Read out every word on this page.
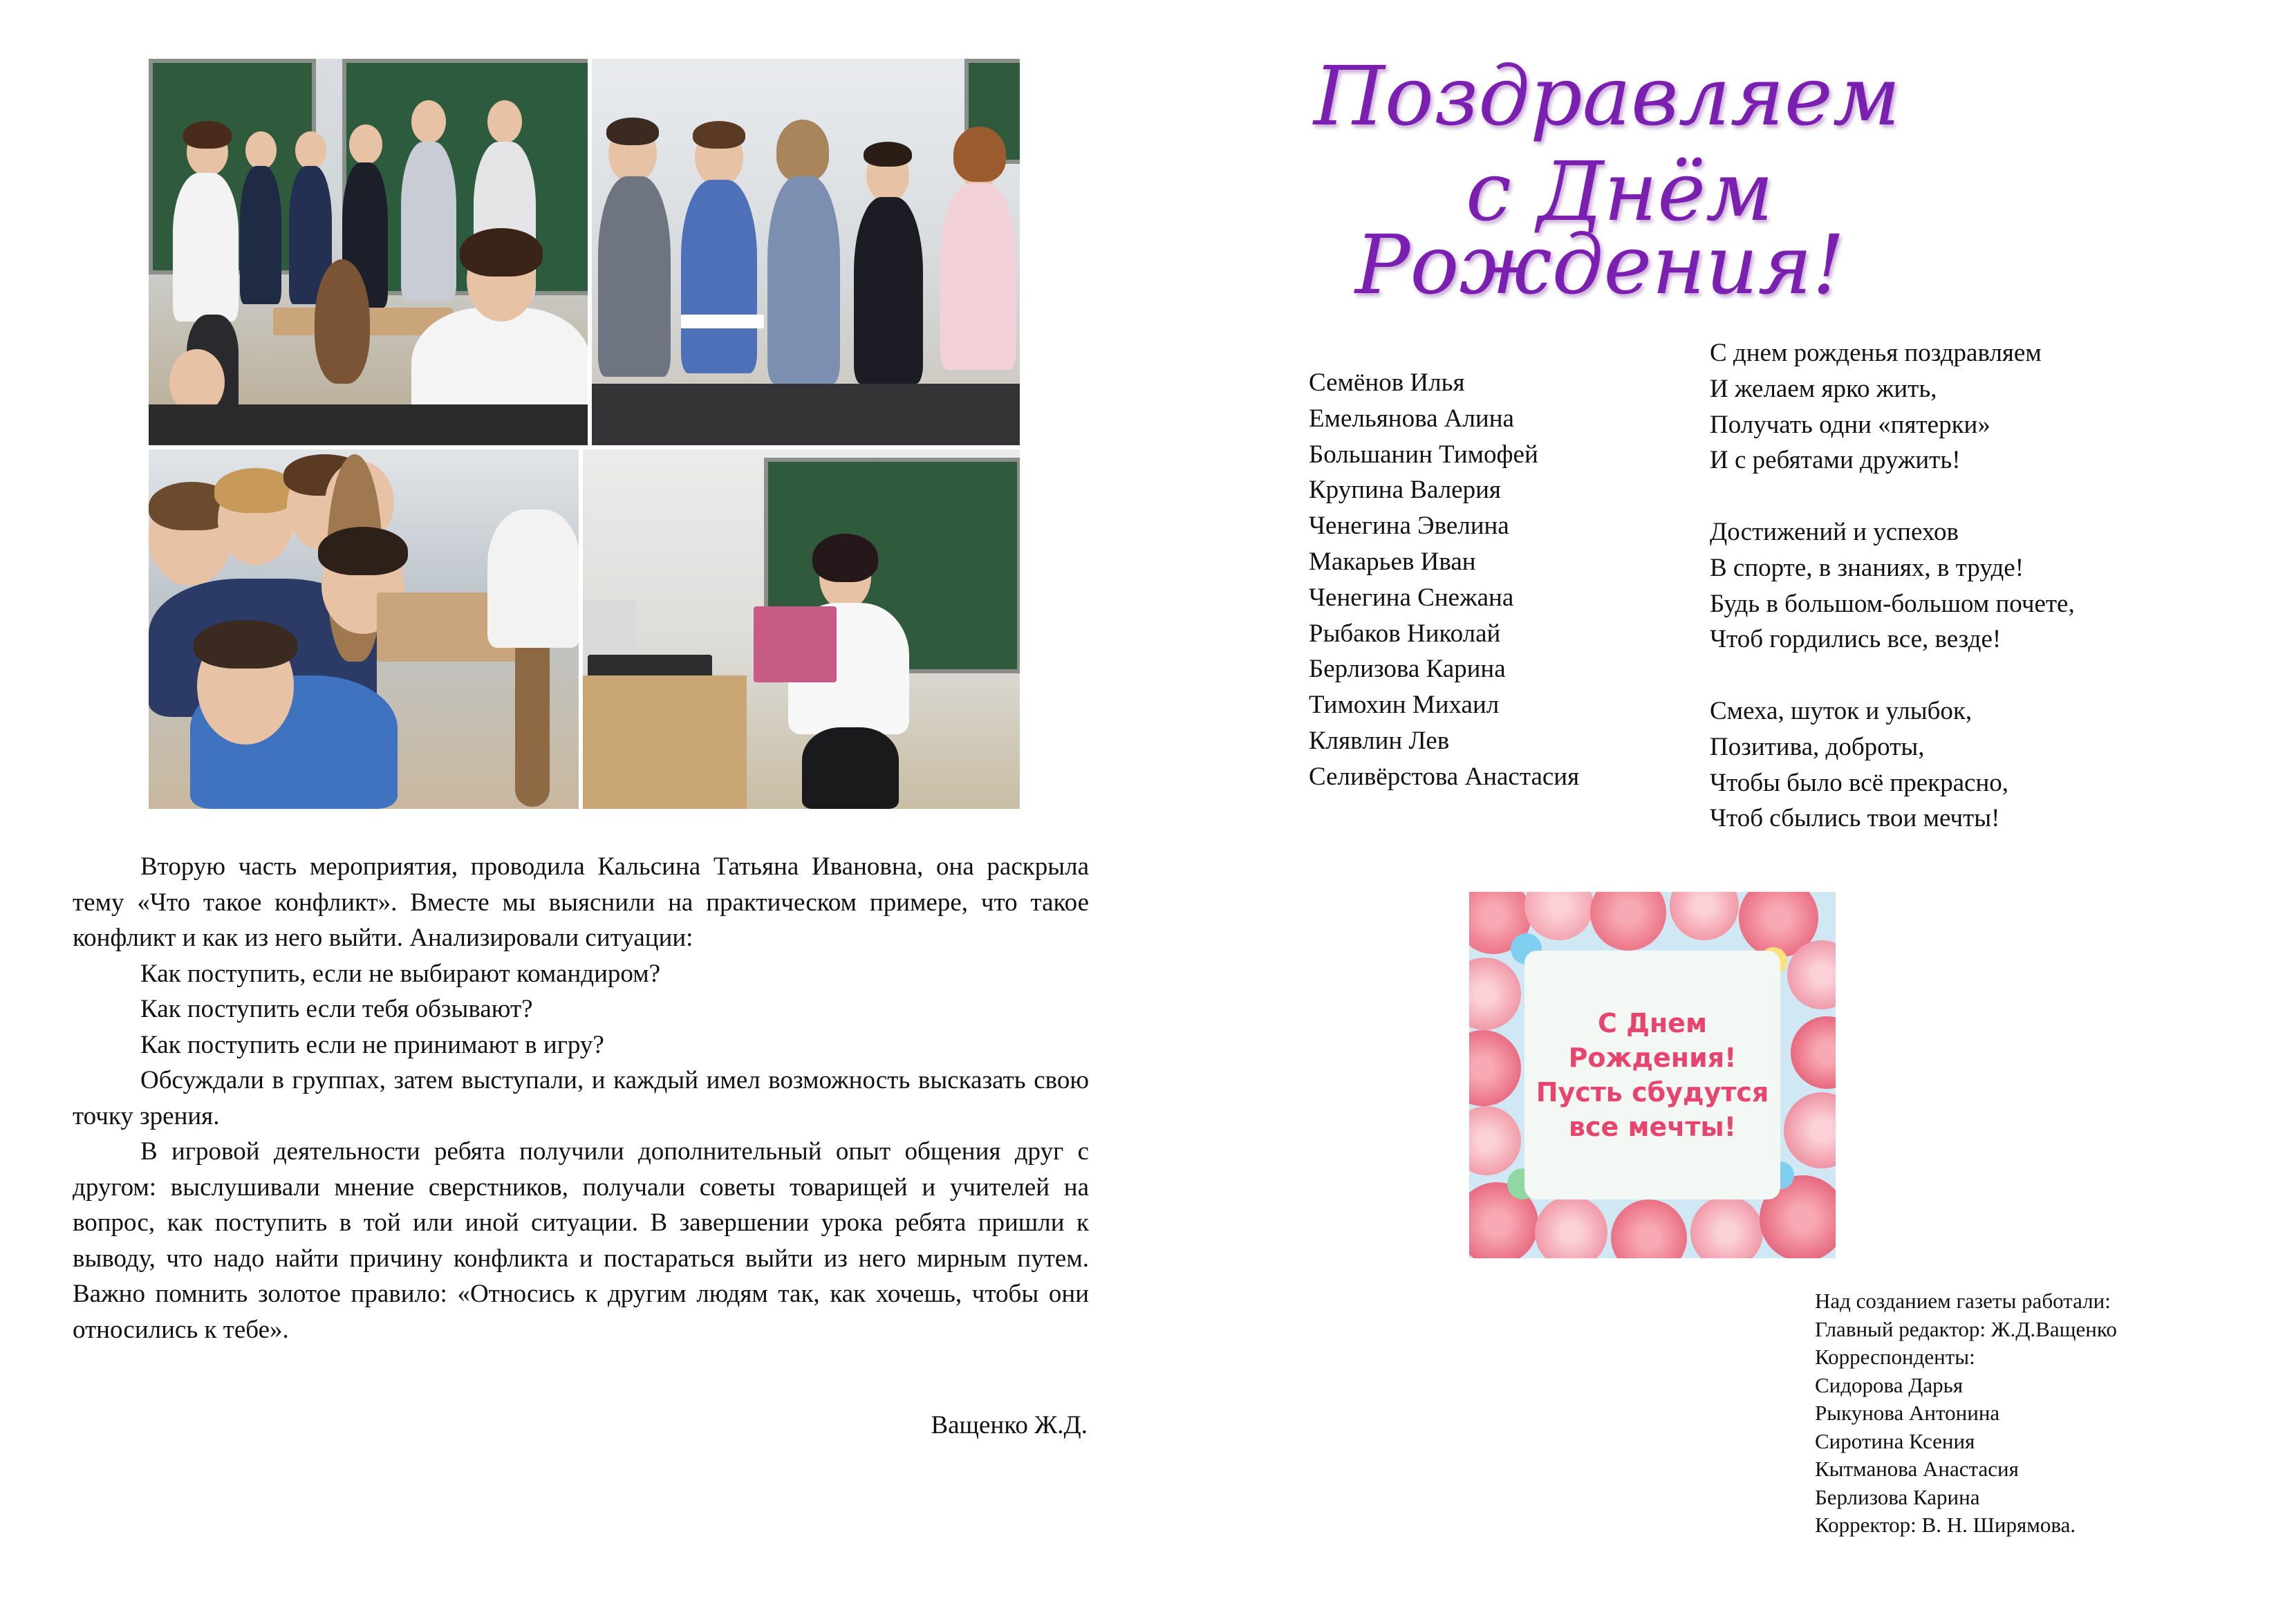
Вторую часть мероприятия, проводила Кальсина Татьяна Ивановна, она раскрыла тему «Что такое конфликт». Вместе мы выяснили на практическом примере, что такое конфликт и как из него выйти. Анализировали ситуации:

Как поступить, если не выбирают командиром?

Как поступить если тебя обзывают?

Как поступить если не принимают в игру?

Обсуждали в группах, затем выступали, и каждый имел возможность высказать свою точку зрения.

В игровой деятельности ребята получили дополнительный опыт общения друг с другом: выслушивали мнение сверстников, получали советы товарищей и учителей на вопрос, как поступить в той или иной ситуации. В завершении урока ребята пришли к выводу, что надо найти причину конфликта и постараться выйти из него мирным путем. Важно помнить золотое правило: «Относись к другим людям так, как хочешь, чтобы они относились к тебе».

Ващенко Ж.Д.
Поздравляем
с Днём
Рождения!
Семёнов Илья
Емельянова Алина
Большанин Тимофей
Крупина Валерия
Ченегина Эвелина
Макарьев Иван
Ченегина Снежана
Рыбаков Николай
Берлизова Карина
Тимохин Михаил
Клявлин Лев
Селивёрстова Анастасия
С днем рожденья поздравляем
И желаем ярко жить,
Получать одни «пятерки»
И с ребятами дружить!
Достижений и успехов
В спорте, в знаниях, в труде!
Будь в большом-большом почете,
Чтоб гордились все, везде!
Смеха, шуток и улыбок,
Позитива, доброты,
Чтобы было всё прекрасно,
Чтоб сбылись твои мечты!
С Днем
Рождения!
Пусть сбудутся
все мечты!
Над созданием газеты работали:
Главный редактор: Ж.Д.Ващенко
Корреспонденты:
Сидорова Дарья
Рыкунова Антонина
Сиротина Ксения
Кытманова Анастасия
Берлизова Карина
Корректор: В. Н. Ширямова.
